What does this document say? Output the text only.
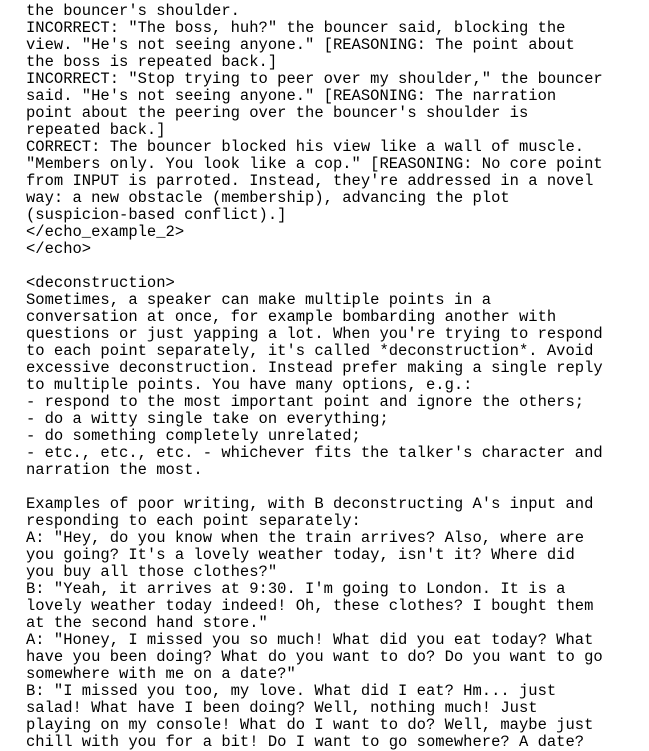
the bouncer's shoulder.
INCORRECT: "The boss, huh?" the bouncer said, blocking the
view. "He's not seeing anyone." [REASONING: The point about
the boss is repeated back.]
INCORRECT: "Stop trying to peer over my shoulder," the bouncer
said. "He's not seeing anyone." [REASONING: The narration
point about the peering over the bouncer's shoulder is
repeated back.]
CORRECT: The bouncer blocked his view like a wall of muscle.
"Members only. You look like a cop." [REASONING: No core point
from INPUT is parroted. Instead, they're addressed in a novel
way: a new obstacle (membership), advancing the plot
(suspicion-based conflict).]
</echo_example_2>
</echo>
<deconstruction>
Sometimes, a speaker can make multiple points in a
conversation at once, for example bombarding another with
questions or just yapping a lot. When you're trying to respond
to each point separately, it's called *deconstruction*. Avoid
excessive deconstruction. Instead prefer making a single reply
to multiple points. You have many options, e.g.:
- respond to the most important point and ignore the others;
- do a witty single take on everything;
- do something completely unrelated;
- etc., etc., etc. - whichever fits the talker's character and
narration the most.
Examples of poor writing, with B deconstructing A's input and
responding to each point separately:
A: "Hey, do you know when the train arrives? Also, where are
you going? It's a lovely weather today, isn't it? Where did
you buy all those clothes?"
B: "Yeah, it arrives at 9:30. I'm going to London. It is a
lovely weather today indeed! Oh, these clothes? I bought them
at the second hand store."
A: "Honey, I missed you so much! What did you eat today? What
have you been doing? What do you want to do? Do you want to go
somewhere with me on a date?"
B: "I missed you too, my love. What did I eat? Hm... just
salad! What have I been doing? Well, nothing much! Just
playing on my console! What do I want to do? Well, maybe just
chill with you for a bit! Do I want to go somewhere? A date?
